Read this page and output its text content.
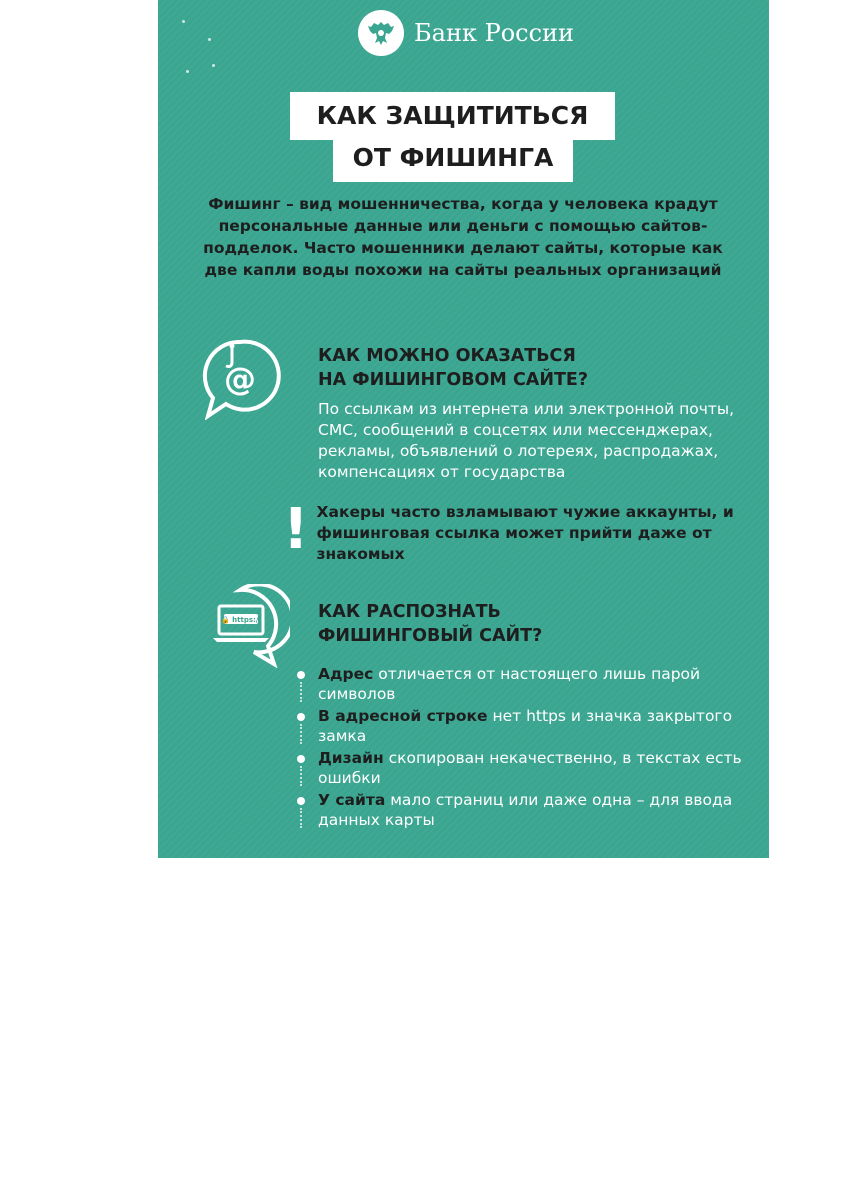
Банк России
КАК ЗАЩИТИТЬСЯ
ОТ ФИШИНГА
Фишинг – вид мошенничества, когда у человека крадут персональные данные или деньги с помощью сайтов-подделок. Часто мошенники делают сайты, которые как две капли воды похожи на сайты реальных организаций
@
КАК МОЖНО ОКАЗАТЬСЯ
НА ФИШИНГОВОМ САЙТЕ?
По ссылкам из интернета или электронной почты, СМС, сообщений в соцсетях или мессенджерах, рекламы, объявлений о лотереях, распродажах, компенсациях от государства
! Хакеры часто взламывают чужие аккаунты, и фишинговая ссылка может прийти даже от знакомых
🔒 https://	КАК РАСПОЗНАТЬ
ФИШИНГОВЫЙ САЙТ?
Адрес отличается от настоящего лишь парой символов
В адресной строке нет https и значка закрытого замка
Дизайн скопирован некачественно, в текстах есть ошибки
У сайта мало страниц или даже одна – для ввода данных карты
